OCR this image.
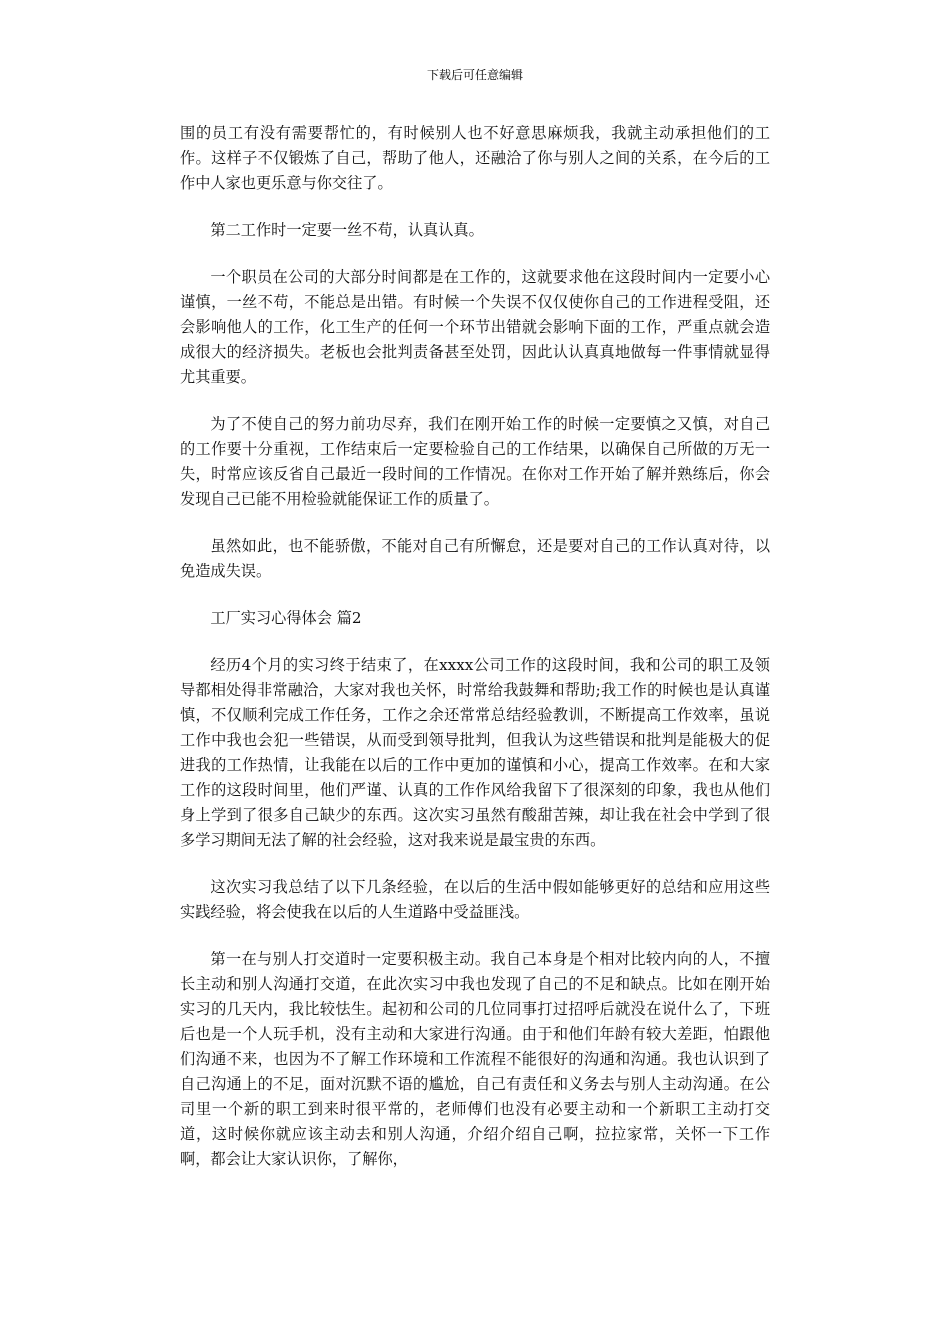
下载后可任意编辑

围的员工有没有需要帮忙的，有时候别人也不好意思麻烦我，我就主动承担他们的工作。这样子不仅锻炼了自己，帮助了他人，还融洽了你与别人之间的关系，在今后的工作中人家也更乐意与你交往了。

第二工作时一定要一丝不苟，认真认真。

一个职员在公司的大部分时间都是在工作的，这就要求他在这段时间内一定要小心谨慎，一丝不苟，不能总是出错。有时候一个失误不仅仅使你自己的工作进程受阻，还会影响他人的工作，化工生产的任何一个环节出错就会影响下面的工作，严重点就会造成很大的经济损失。老板也会批判责备甚至处罚，因此认认真真地做每一件事情就显得尤其重要。

为了不使自己的努力前功尽弃，我们在刚开始工作的时候一定要慎之又慎，对自己的工作要十分重视，工作结束后一定要检验自己的工作结果，以确保自己所做的万无一失，时常应该反省自己最近一段时间的工作情况。在你对工作开始了解并熟练后，你会发现自己已能不用检验就能保证工作的质量了。

虽然如此，也不能骄傲，不能对自己有所懈怠，还是要对自己的工作认真对待，以免造成失误。

工厂实习心得体会 篇2

经历4个月的实习终于结束了，在xxxx公司工作的这段时间，我和公司的职工及领导都相处得非常融洽，大家对我也关怀，时常给我鼓舞和帮助;我工作的时候也是认真谨慎，不仅顺利完成工作任务，工作之余还常常总结经验教训，不断提高工作效率，虽说工作中我也会犯一些错误，从而受到领导批判，但我认为这些错误和批判是能极大的促进我的工作热情，让我能在以后的工作中更加的谨慎和小心，提高工作效率。在和大家工作的这段时间里，他们严谨、认真的工作作风给我留下了很深刻的印象，我也从他们身上学到了很多自己缺少的东西。这次实习虽然有酸甜苦辣，却让我在社会中学到了很多学习期间无法了解的社会经验，这对我来说是最宝贵的东西。

这次实习我总结了以下几条经验，在以后的生活中假如能够更好的总结和应用这些实践经验，将会使我在以后的人生道路中受益匪浅。

第一在与别人打交道时一定要积极主动。我自己本身是个相对比较内向的人，不擅长主动和别人沟通打交道，在此次实习中我也发现了自己的不足和缺点。比如在刚开始实习的几天内，我比较怯生。起初和公司的几位同事打过招呼后就没在说什么了，下班后也是一个人玩手机，没有主动和大家进行沟通。由于和他们年龄有较大差距，怕跟他们沟通不来，也因为不了解工作环境和工作流程不能很好的沟通和沟通。我也认识到了自己沟通上的不足，面对沉默不语的尴尬，自己有责任和义务去与别人主动沟通。在公司里一个新的职工到来时很平常的，老师傅们也没有必要主动和一个新职工主动打交道，这时候你就应该主动去和别人沟通，介绍介绍自己啊，拉拉家常，关怀一下工作啊，都会让大家认识你，了解你，
